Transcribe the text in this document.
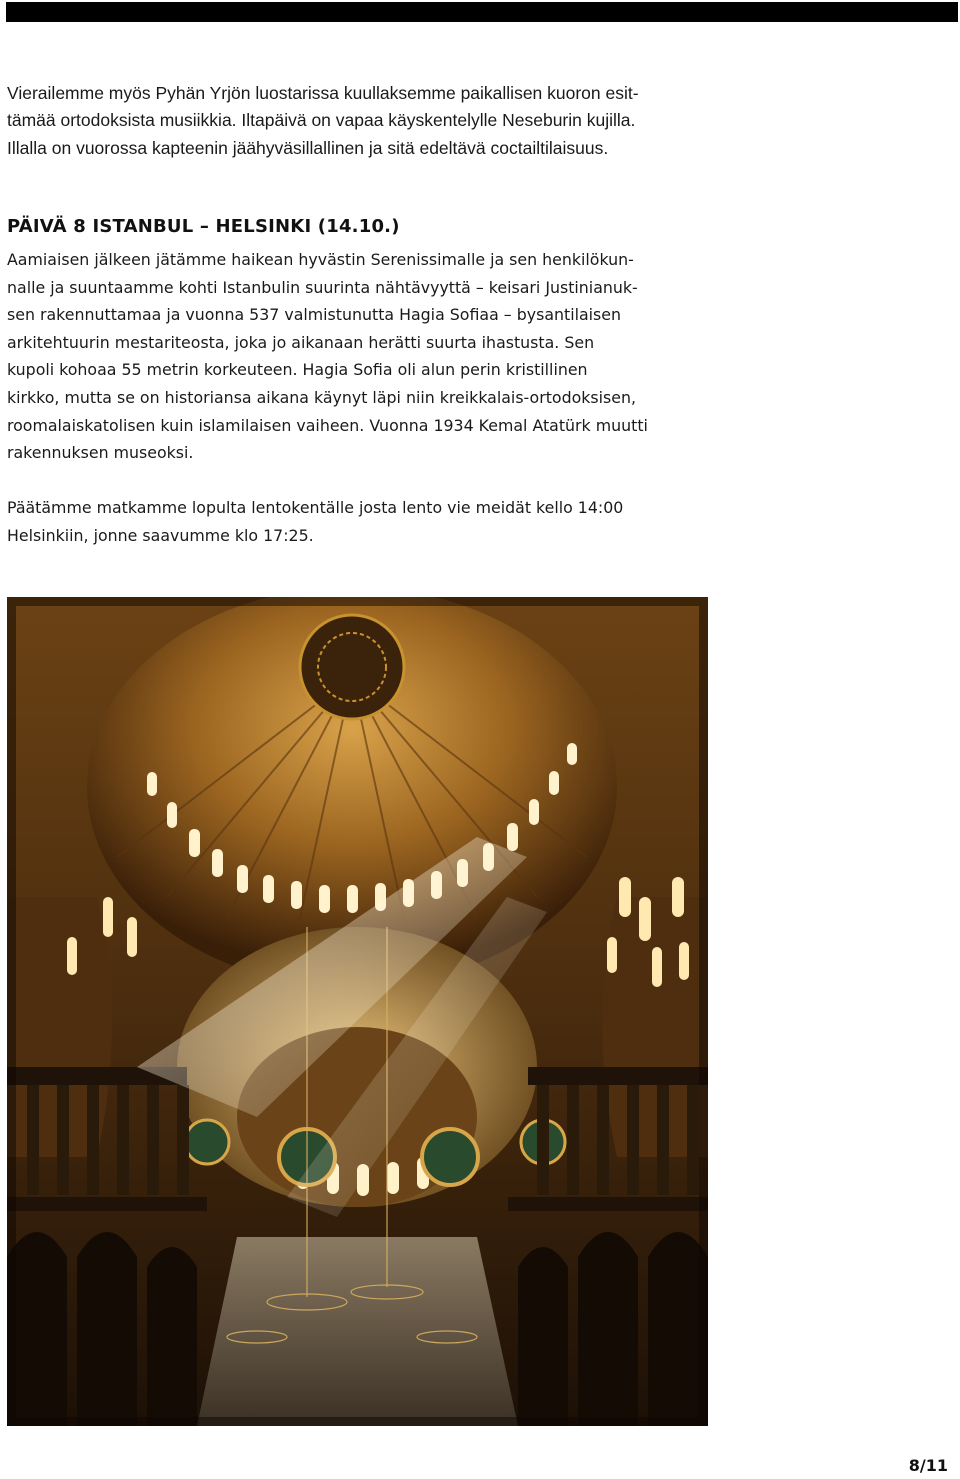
Vierailemme myös Pyhän Yrjön luostarissa kuullaksemme paikallisen kuoron esit-
tämää ortodoksista musiikkia. Iltapäivä on vapaa käyskentelylle Neseburin kujilla.
Illalla on vuorossa kapteenin jäähyväsillallinen ja sitä edeltävä coctailtilaisuus.

PÄIVÄ 8 ISTANBUL – HELSINKI (14.10.)

Aamiaisen jälkeen jätämme haikean hyvästin Serenissimalle ja sen henkilökun-
nalle ja suuntaamme kohti Istanbulin suurinta nähtävyyttä – keisari Justinianuk-
sen rakennuttamaa ja vuonna 537 valmistunutta Hagia Sofiaa – bysantilaisen
arkitehtuurin mestariteosta, joka jo aikanaan herätti suurta ihastusta. Sen
kupoli kohoaa 55 metrin korkeuteen. Hagia Sofia oli alun perin kristillinen
kirkko, mutta se on historiansa aikana käynyt läpi niin kreikkalais-ortodoksisen,
roomalaiskatolisen kuin islamilaisen vaiheen. Vuonna 1934 Kemal Atatürk muutti
rakennuksen museoksi.

Päätämme matkamme lopulta lentokentälle josta lento vie meidät kello 14:00
Helsinkiin, jonne saavumme klo 17:25.

8/11
